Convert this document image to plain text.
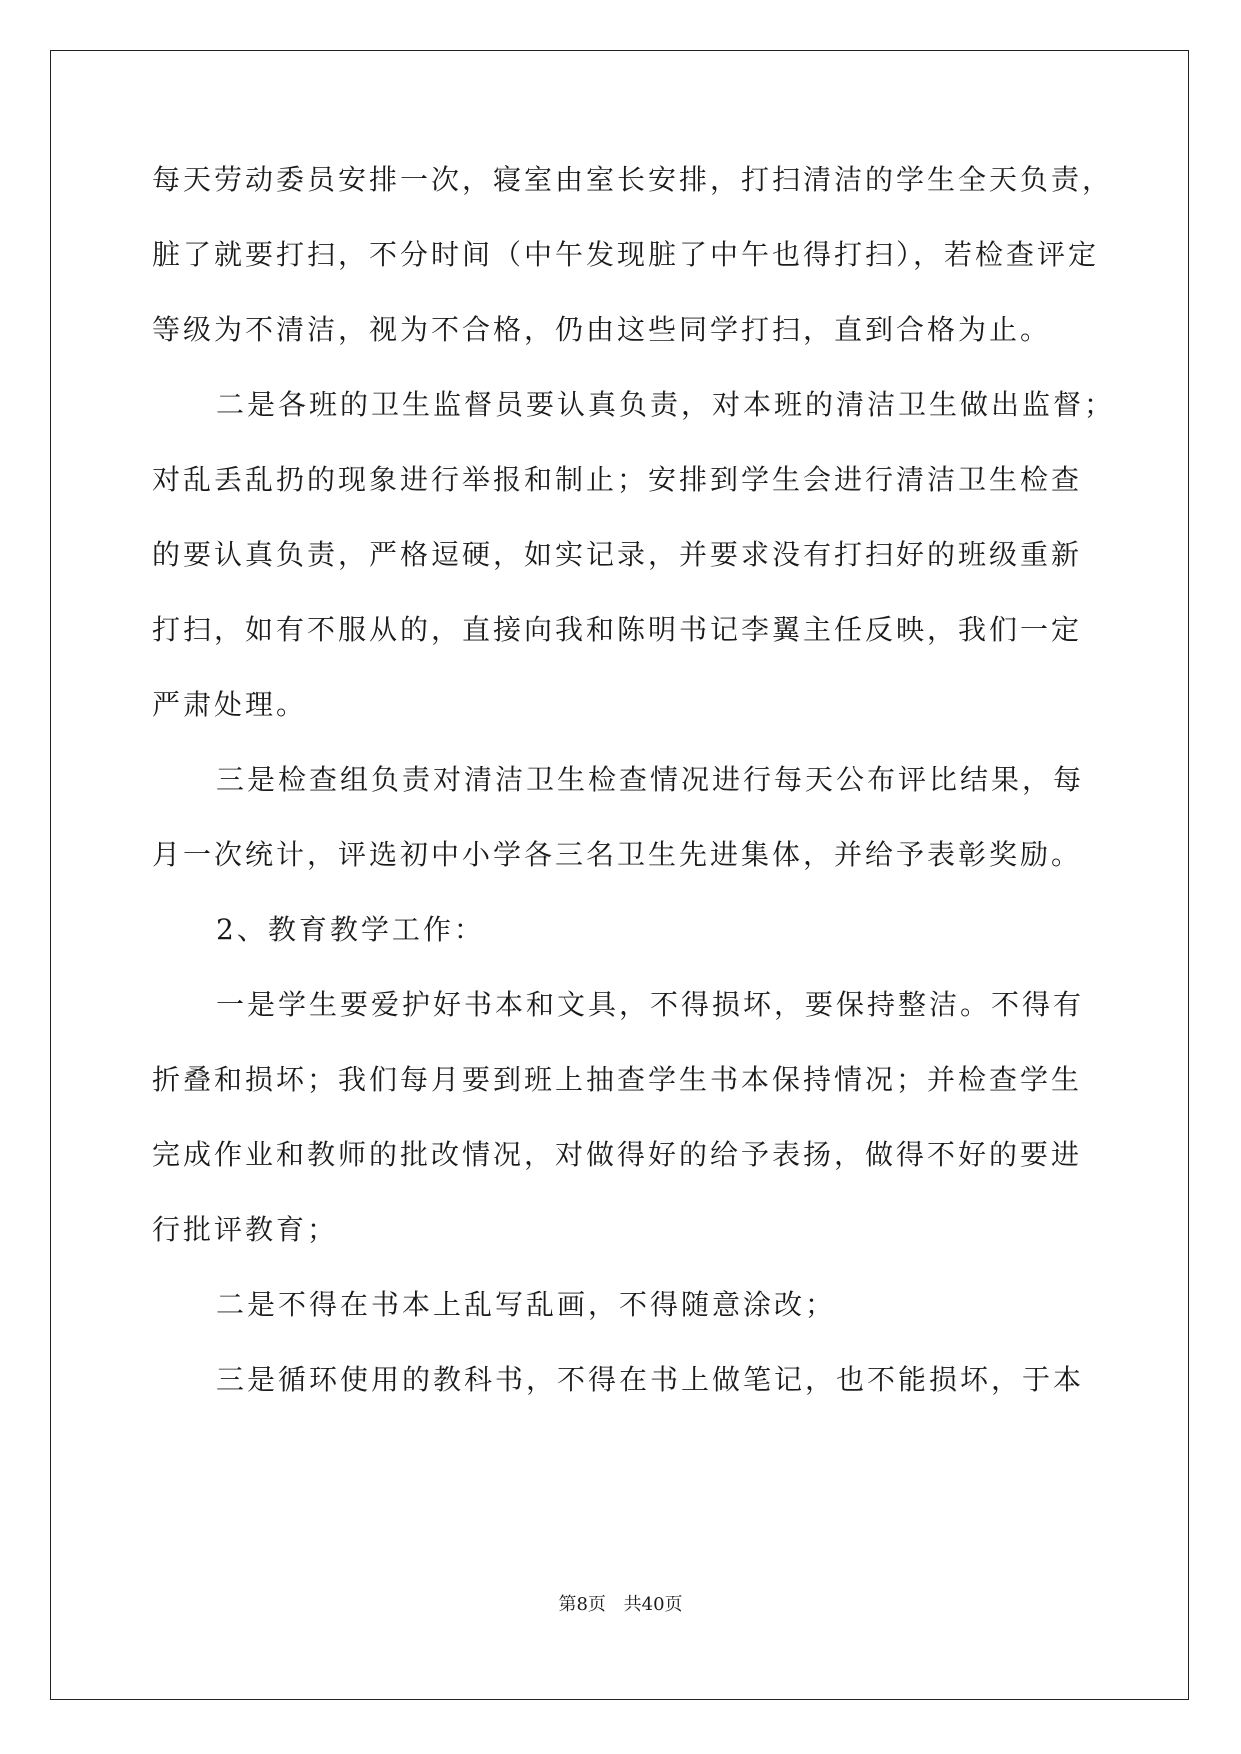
每天劳动委员安排一次，寝室由室长安排，打扫清洁的学生全天负责，
脏了就要打扫，不分时间（中午发现脏了中午也得打扫），若检查评定
等级为不清洁，视为不合格，仍由这些同学打扫，直到合格为止。
二是各班的卫生监督员要认真负责，对本班的清洁卫生做出监督；
对乱丢乱扔的现象进行举报和制止；安排到学生会进行清洁卫生检查
的要认真负责，严格逗硬，如实记录，并要求没有打扫好的班级重新
打扫，如有不服从的，直接向我和陈明书记李翼主任反映，我们一定
严肃处理。
三是检查组负责对清洁卫生检查情况进行每天公布评比结果，每
月一次统计，评选初中小学各三名卫生先进集体，并给予表彰奖励。
2、教育教学工作：
一是学生要爱护好书本和文具，不得损坏，要保持整洁。不得有
折叠和损坏；我们每月要到班上抽查学生书本保持情况；并检查学生
完成作业和教师的批改情况，对做得好的给予表扬，做得不好的要进
行批评教育；
二是不得在书本上乱写乱画，不得随意涂改；
三是循环使用的教科书，不得在书上做笔记，也不能损坏，于本
第8页 共40页
